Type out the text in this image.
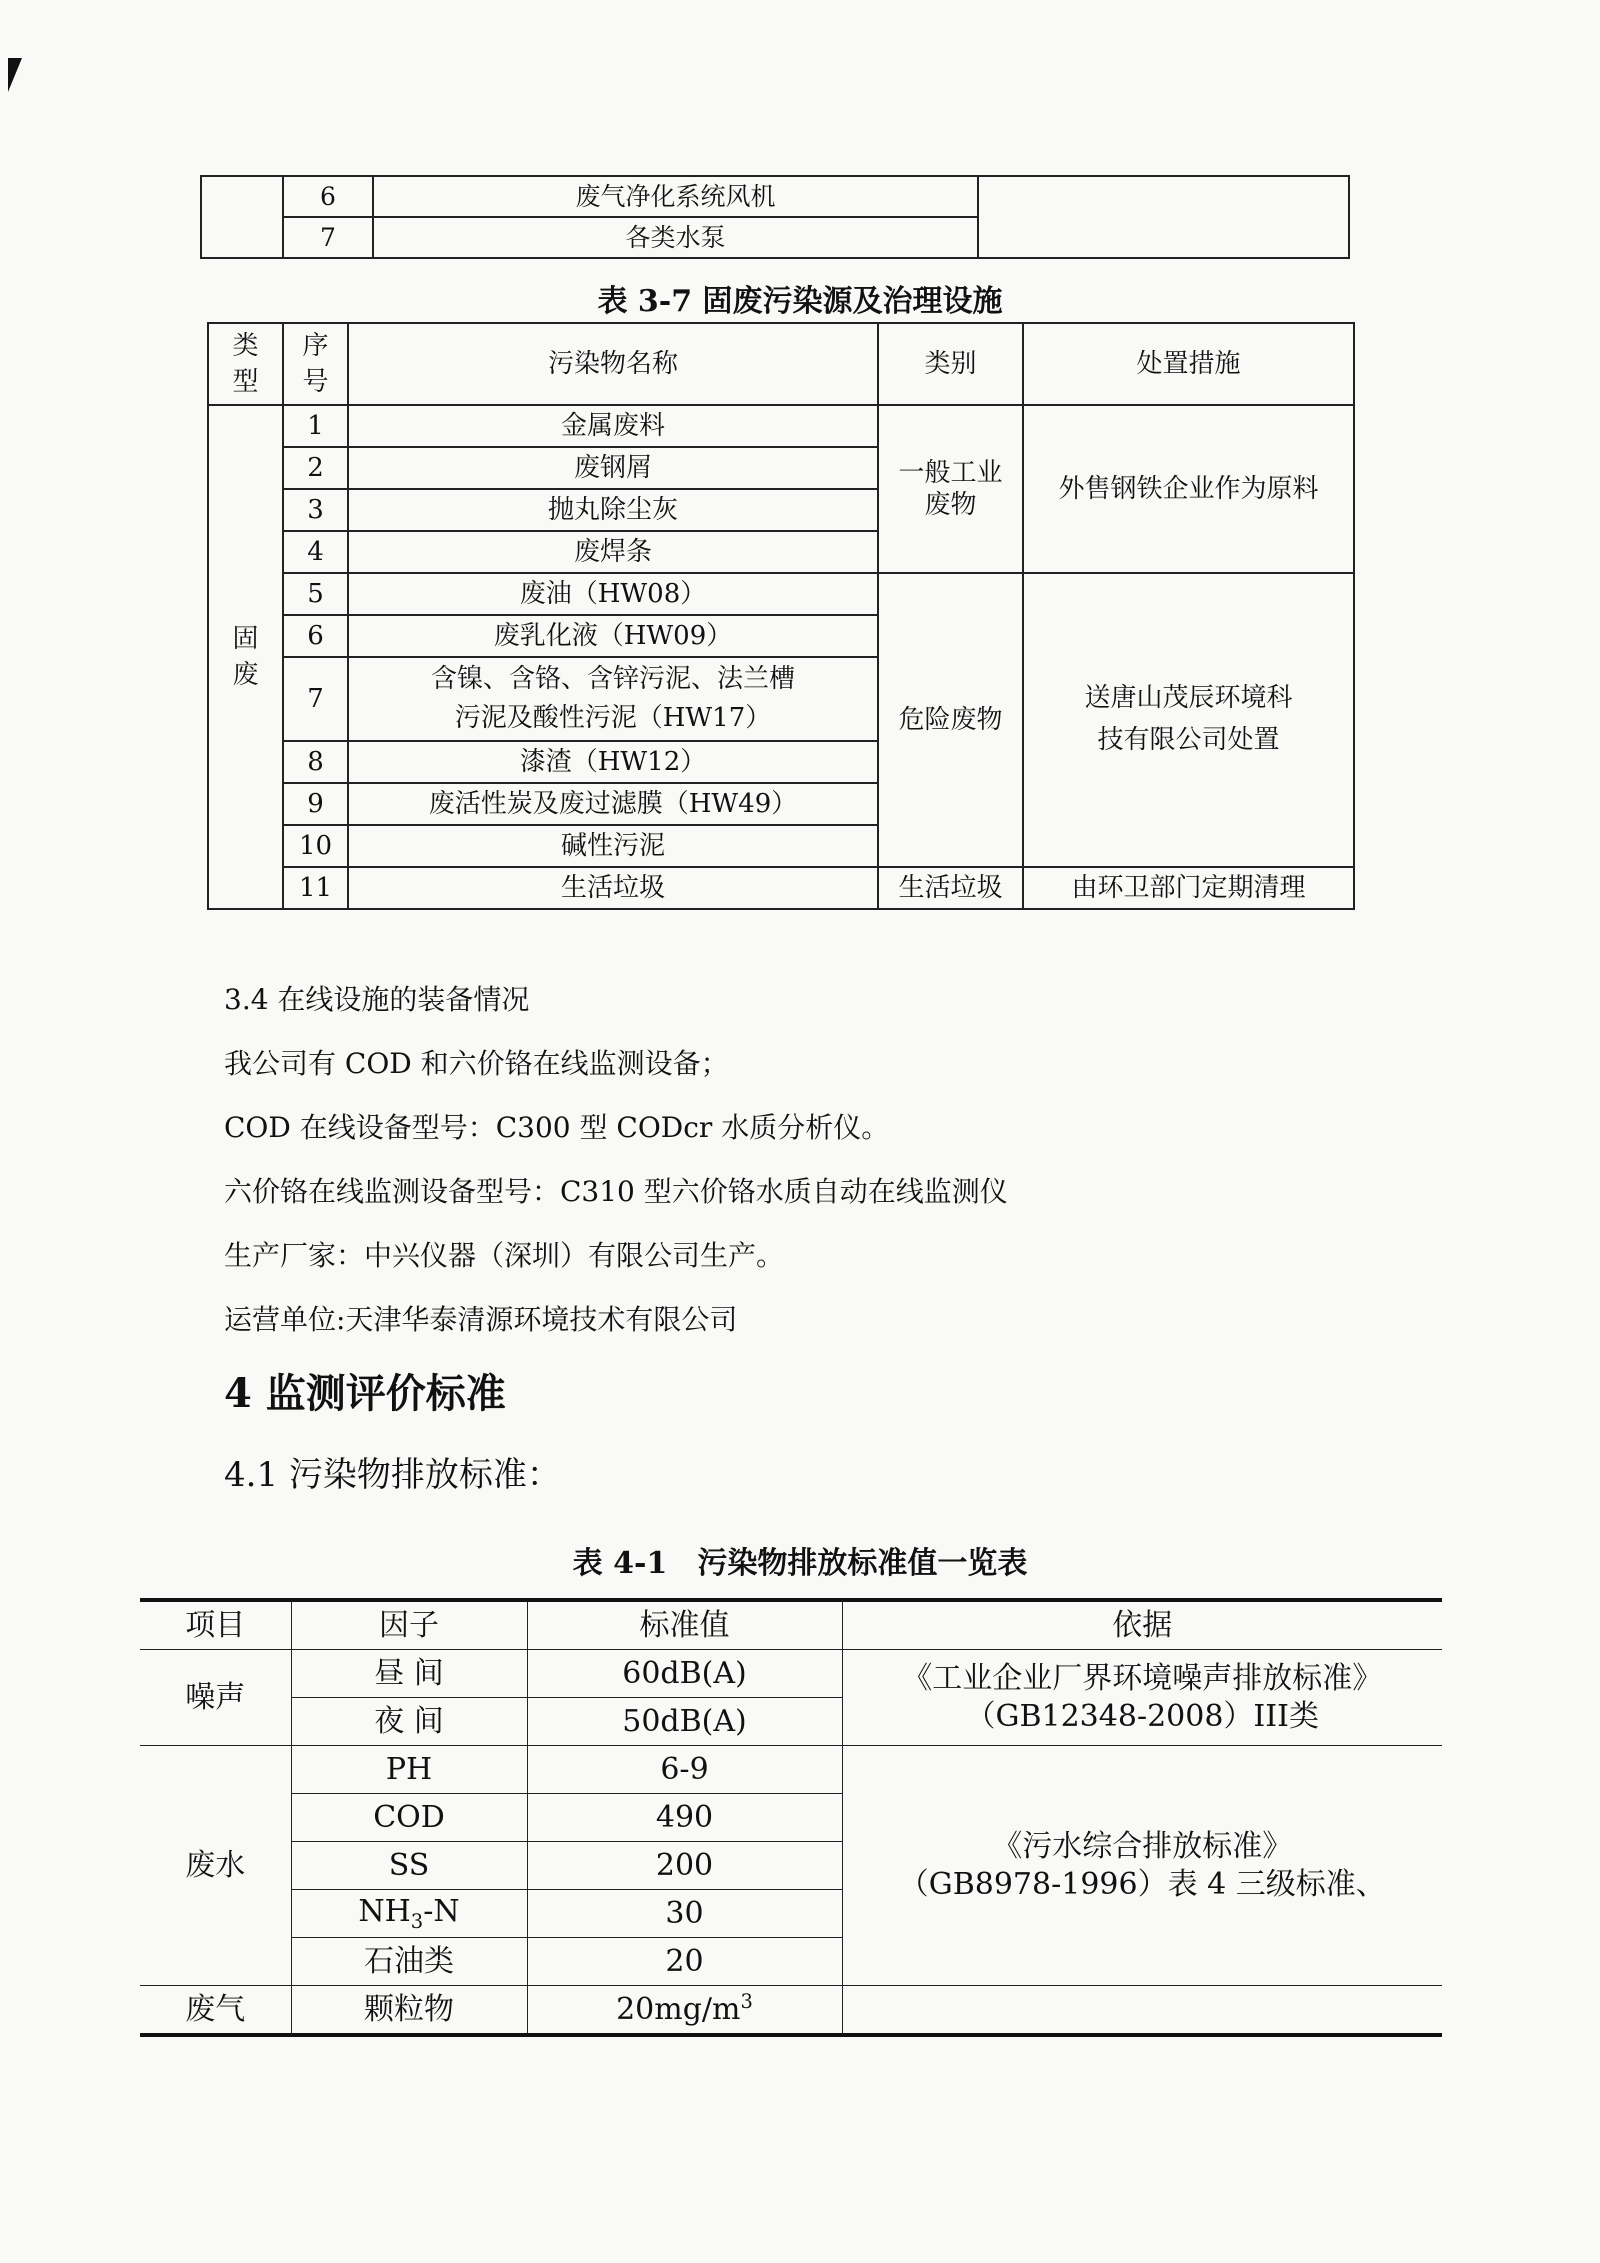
	6	废气净化系统风机	
	7	各类水泵	
表 3-7 固废污染源及治理设施
类型	序号	污染物名称	类别	处置措施
固废	1	金属废料	一般工业废物	外售钢铁企业作为原料
	2	废钢屑		
	3	抛丸除尘灰		
	4	废焊条		
	5	废油（HW08）	危险废物	送唐山茂辰环境科技有限公司处置
	6	废乳化液（HW09）		
	7	含镍、含铬、含锌污泥、法兰槽污泥及酸性污泥（HW17）		
	8	漆渣（HW12）		
	9	废活性炭及废过滤膜（HW49）		
	10	碱性污泥		
	11	生活垃圾	生活垃圾	由环卫部门定期清理
3.4 在线设施的装备情况
我公司有 COD 和六价铬在线监测设备；
COD 在线设备型号：C300 型 CODcr 水质分析仪。
六价铬在线监测设备型号：C310 型六价铬水质自动在线监测仪
生产厂家：中兴仪器（深圳）有限公司生产。
运营单位:天津华泰清源环境技术有限公司
4 监测评价标准
4.1 污染物排放标准：
表 4-1　污染物排放标准值一览表
项目	因子	标准值	依据
噪声	昼 间	60dB(A)	《工业企业厂界环境噪声排放标准》
（GB12348-2008）III类

	夜 间	50dB(A)	
废水	PH	6-9	《污水综合排放标准》
（GB8978-1996）表 4 三级标准、

	COD	490	
	SS	200	
	$NH_3-N$	30	
	石油类	20	
废气	颗粒物	$20mg/m^3$	
